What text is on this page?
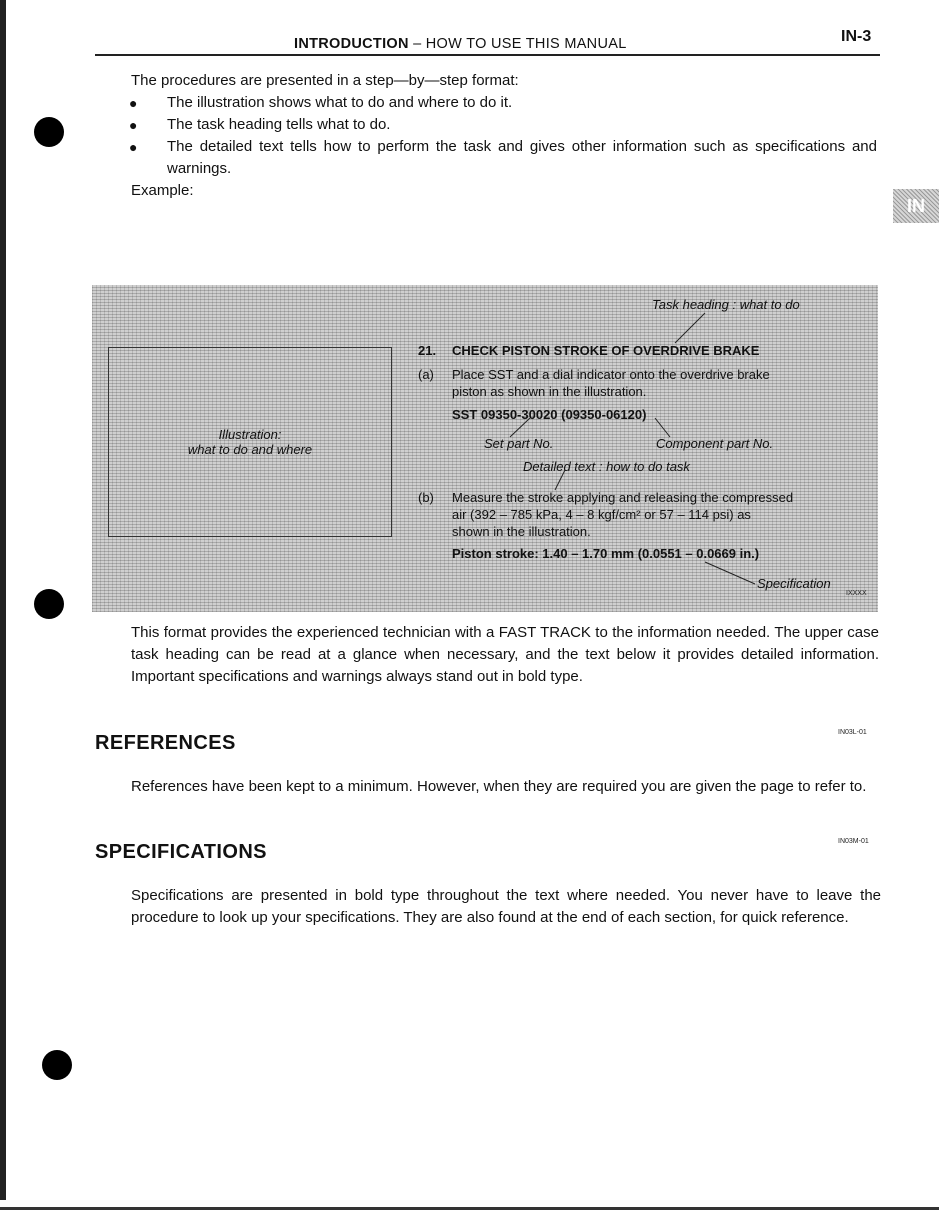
INTRODUCTION – HOW TO USE THIS MANUAL	IN-3
IN
The procedures are presented in a step—by—step format:
● The illustration shows what to do and where to do it.
● The task heading tells what to do.
● The detailed text tells how to perform the task and gives other information such as specifications and warnings.
Example:
Task heading : what to do
Illustration:
what to do and where
21. CHECK PISTON STROKE OF OVERDRIVE BRAKE
(a) Place SST and a dial indicator onto the overdrive brake
piston as shown in the illustration.
SST 09350-30020 (09350-06120)
Set part No.	Component part No.
Detailed text : how to do task
(b) Measure the stroke applying and releasing the compressed
air (392 – 785 kPa, 4 – 8 kgf/cm² or 57 – 114 psi) as
shown in the illustration.
Piston stroke: 1.40 – 1.70 mm (0.0551 – 0.0669 in.)
Specification
IXXXX
This format provides the experienced technician with a FAST TRACK to the information needed. The upper case task heading can be read at a glance when necessary, and the text below it provides detailed information. Important specifications and warnings always stand out in bold type.
IN03L-01
REFERENCES
References have been kept to a minimum. However, when they are required you are given the page to refer to.
IN03M-01
SPECIFICATIONS
Specifications are presented in bold type throughout the text where needed. You never have to leave the procedure to look up your specifications. They are also found at the end of each section, for quick reference.
